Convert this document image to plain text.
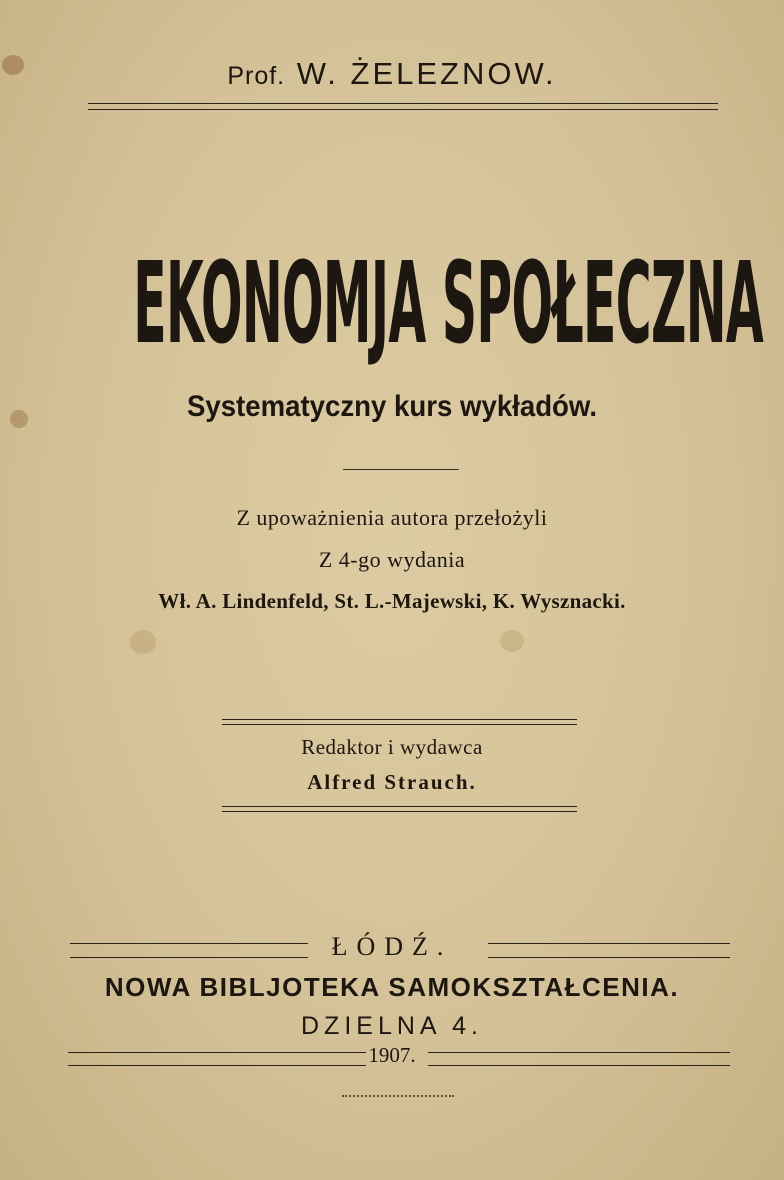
Prof. W. ŻELEZNOW.
EKONOMJA SPOŁECZNA
Systematyczny kurs wykładów.
Z upoważnienia autora przełożyli
Z 4-go wydania
Wł. A. Lindenfeld, St. L.-Majewski, K. Wysznacki.
Redaktor i wydawca
Alfred Strauch.
ŁÓDŹ.
NOWA BIBLJOTEKA SAMOKSZTAŁCENIA.
DZIELNA 4.
1907.
